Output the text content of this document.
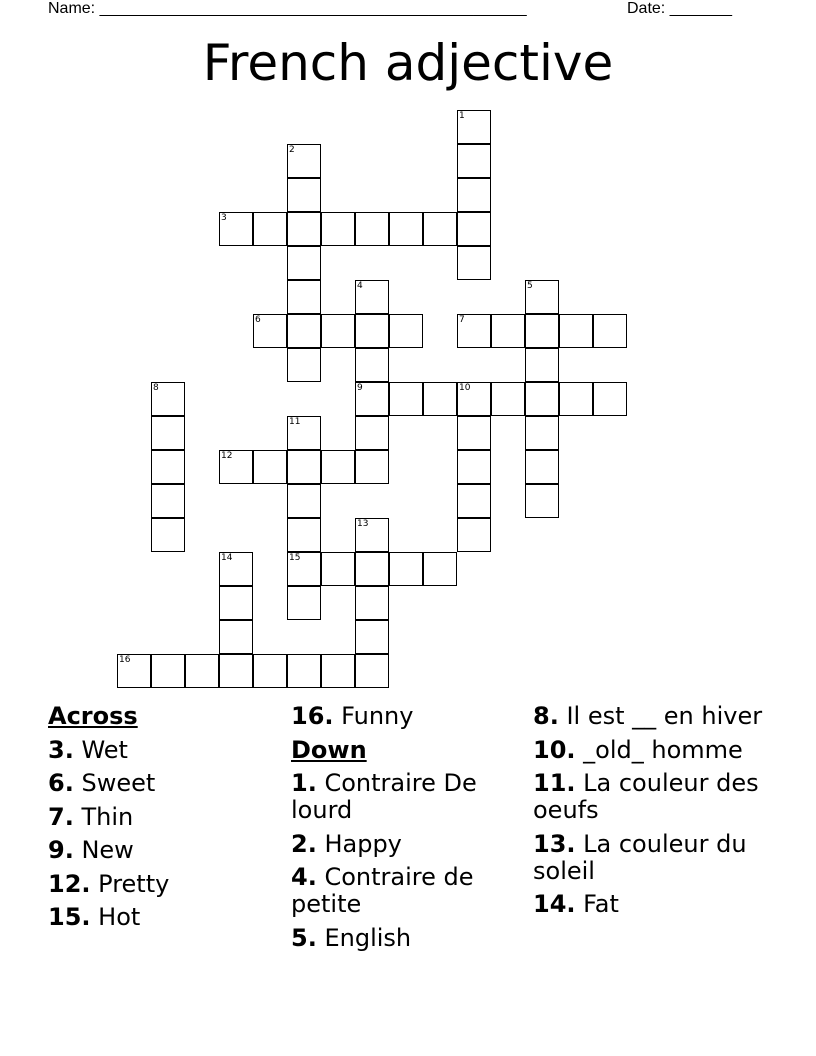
Name: ________________________________________________	Date: _______
French adjective
1
2
3
4	5
6	7
8	9	10
11
15
12
13
14
16
Across
3. Wet
6. Sweet
7. Thin
9. New
12. Pretty
15. Hot
16. Funny
Down
1. Contraire De lourd
2. Happy
4. Contraire de petite
5. English
8. Il est __ en hiver
10. _old_ homme
11. La couleur des oeufs
13. La couleur du soleil
14. Fat
